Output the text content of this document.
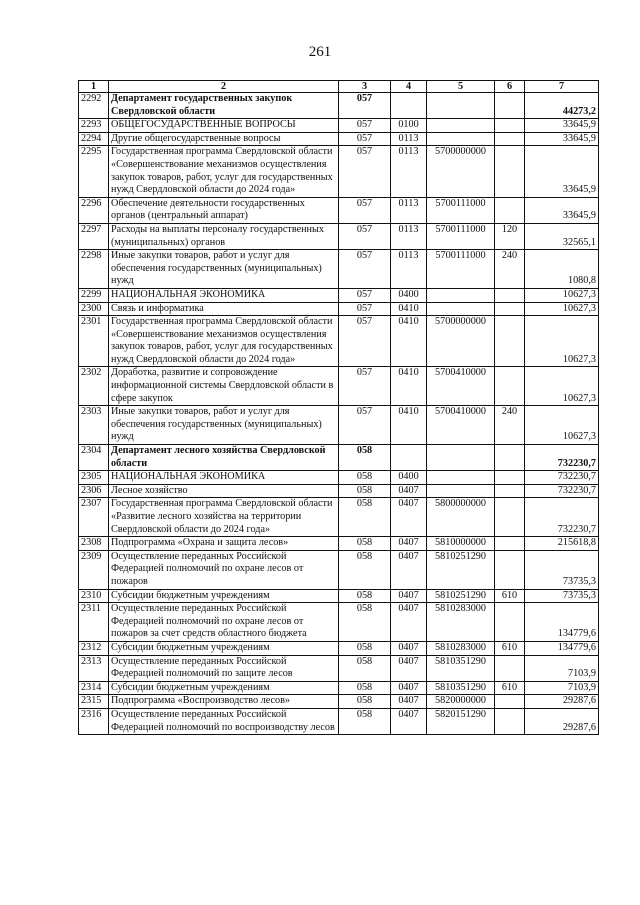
261
1	2	3	4	5	6	7
2292	Департамент государственных закупок Свердловской области	057				44273,2
2293	ОБЩЕГОСУДАРСТВЕННЫЕ ВОПРОСЫ	057	0100			33645,9
2294	Другие общегосударственные вопросы	057	0113			33645,9
2295	Государственная программа Свердловской области «Совершенствование механизмов осуществления закупок товаров, работ, услуг для государственных нужд Свердловской области до 2024 года»	057	0113	5700000000		33645,9
2296	Обеспечение деятельности государственных органов (центральный аппарат)	057	0113	5700111000		33645,9
2297	Расходы на выплаты персоналу государственных (муниципальных) органов	057	0113	5700111000	120	32565,1
2298	Иные закупки товаров, работ и услуг для обеспечения государственных (муниципальных) нужд	057	0113	5700111000	240	1080,8
2299	НАЦИОНАЛЬНАЯ ЭКОНОМИКА	057	0400			10627,3
2300	Связь и информатика	057	0410			10627,3
2301	Государственная программа Свердловской области «Совершенствование механизмов осуществления закупок товаров, работ, услуг для государственных нужд Свердловской области до 2024 года»	057	0410	5700000000		10627,3
2302	Доработка, развитие и сопровождение информационной системы Свердловской области в сфере закупок	057	0410	5700410000		10627,3
2303	Иные закупки товаров, работ и услуг для обеспечения государственных (муниципальных) нужд	057	0410	5700410000	240	10627,3
2304	Департамент лесного хозяйства Свердловской области	058				732230,7
2305	НАЦИОНАЛЬНАЯ ЭКОНОМИКА	058	0400			732230,7
2306	Лесное хозяйство	058	0407			732230,7
2307	Государственная программа Свердловской области «Развитие лесного хозяйства на территории Свердловской области до 2024 года»	058	0407	5800000000		732230,7
2308	Подпрограмма «Охрана и защита лесов»	058	0407	5810000000		215618,8
2309	Осуществление переданных Российской Федерацией полномочий по охране лесов от пожаров	058	0407	5810251290		73735,3
2310	Субсидии бюджетным учреждениям	058	0407	5810251290	610	73735,3
2311	Осуществление переданных Российской Федерацией полномочий по охране лесов от пожаров за счет средств областного бюджета	058	0407	5810283000		134779,6
2312	Субсидии бюджетным учреждениям	058	0407	5810283000	610	134779,6
2313	Осуществление переданных Российской Федерацией полномочий по защите лесов	058	0407	5810351290		7103,9
2314	Субсидии бюджетным учреждениям	058	0407	5810351290	610	7103,9
2315	Подпрограмма «Воспроизводство лесов»	058	0407	5820000000		29287,6
2316	Осуществление переданных Российской Федерацией полномочий по воспроизводству лесов	058	0407	5820151290		29287,6
